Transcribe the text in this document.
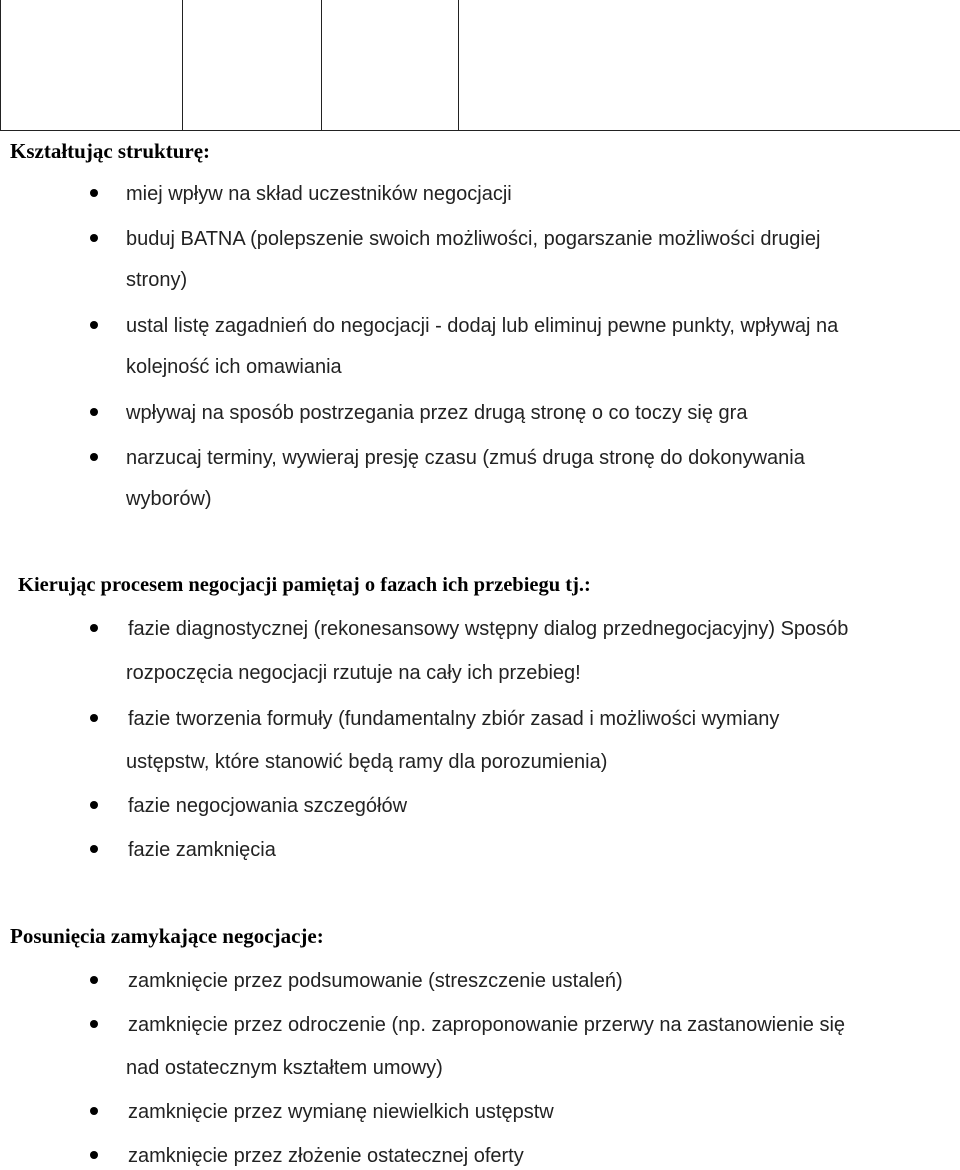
Kształtując strukturę:
miej wpływ na skład uczestników negocjacji
buduj BATNA (polepszenie swoich możliwości, pogarszanie możliwości drugiej
strony)
ustal listę zagadnień do negocjacji - dodaj lub eliminuj pewne punkty, wpływaj na
kolejność ich omawiania
wpływaj na sposób postrzegania przez drugą stronę o co toczy się gra
narzucaj terminy, wywieraj presję czasu (zmuś druga stronę do dokonywania
wyborów)
Kierując procesem negocjacji pamiętaj o fazach ich przebiegu tj.:
fazie diagnostycznej (rekonesansowy wstępny dialog przednegocjacyjny) Sposób
rozpoczęcia negocjacji rzutuje na cały ich przebieg!
fazie tworzenia formuły (fundamentalny zbiór zasad i możliwości wymiany
ustępstw, które stanowić będą ramy dla porozumienia)
fazie negocjowania szczegółów
fazie zamknięcia
Posunięcia zamykające negocjacje:
zamknięcie przez podsumowanie (streszczenie ustaleń)
zamknięcie przez odroczenie (np. zaproponowanie przerwy na zastanowienie się
nad ostatecznym kształtem umowy)
zamknięcie przez wymianę niewielkich ustępstw
zamknięcie przez złożenie ostatecznej oferty
